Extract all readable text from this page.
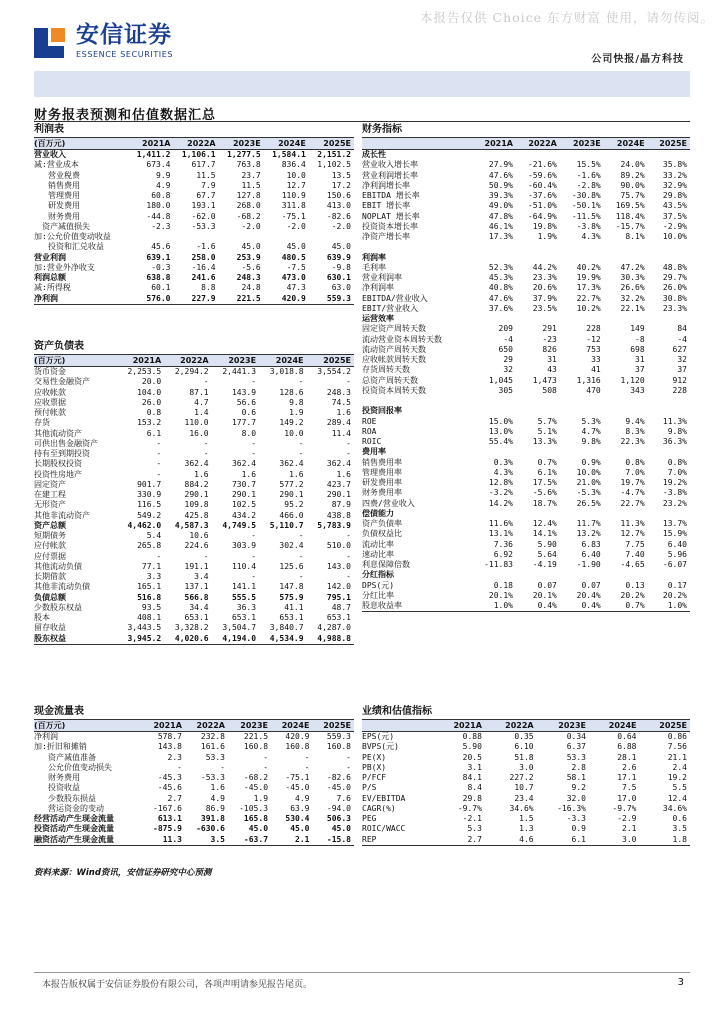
本报告仅供 Choice 东方财富 使用，请勿传阅。
安信证券
ESSENCE SECURITIES	公司快报/晶方科技
财务报表预测和估值数据汇总
利润表
(百万元)	2021A	2022A	2023E	2024E	2025E
营业收入	1,411.2	1,106.1	1,277.5	1,584.1	2,151.2
减:营业成本	673.4	617.7	763.8	836.4	1,102.5
营业税费	9.9	11.5	23.7	10.0	13.5
销售费用	4.9	7.9	11.5	12.7	17.2
管理费用	60.8	67.7	127.8	110.9	150.6
研发费用	180.0	193.1	268.0	311.8	413.0
财务费用	-44.8	-62.0	-68.2	-75.1	-82.6
资产减值损失	-2.3	-53.3	-2.0	-2.0	-2.0
加:公允价值变动收益					
投资和汇兑收益	45.6	-1.6	45.0	45.0	45.0
营业利润	639.1	258.0	253.9	480.5	639.9
加:营业外净收支	-0.3	-16.4	-5.6	-7.5	-9.8
利润总额	638.8	241.6	248.3	473.0	630.1
减:所得税	60.1	8.8	24.8	47.3	63.0
净利润	576.0	227.9	221.5	420.9	559.3
资产负债表
(百万元)	2021A	2022A	2023E	2024E	2025E
货币资金	2,253.5	2,294.2	2,441.3	3,018.8	3,554.2
交易性金融资产	20.0	-	-	-	-
应收帐款	104.0	87.1	143.9	128.6	248.3
应收票据	26.0	4.7	56.6	9.8	74.5
预付帐款	0.8	1.4	0.6	1.9	1.6
存货	153.2	110.0	177.7	149.2	289.4
其他流动资产	6.1	16.0	8.0	10.0	11.4
可供出售金融资产	-	-	-	-	-
持有至到期投资	-	-	-	-	-
长期股权投资	-	362.4	362.4	362.4	362.4
投资性房地产	-	1.6	1.6	1.6	1.6
固定资产	901.7	884.2	730.7	577.2	423.7
在建工程	330.9	290.1	290.1	290.1	290.1
无形资产	116.5	109.8	102.5	95.2	87.9
其他非流动资产	549.2	425.8	434.2	466.0	438.8
资产总额	4,462.0	4,587.3	4,749.5	5,110.7	5,783.9
短期债务	5.4	10.6	-	-	-
应付帐款	265.8	224.6	303.9	302.4	510.0
应付票据	-	-	-	-	-
其他流动负债	77.1	191.1	110.4	125.6	143.0
长期借款	3.3	3.4	-	-	-
其他非流动负债	165.1	137.1	141.1	147.8	142.0
负债总额	516.8	566.8	555.5	575.9	795.1
少数股东权益	93.5	34.4	36.3	41.1	48.7
股本	408.1	653.1	653.1	653.1	653.1
留存收益	3,443.5	3,328.2	3,504.7	3,840.7	4,287.0
股东权益	3,945.2	4,020.6	4,194.0	4,534.9	4,988.8
财务指标
	2021A	2022A	2023E	2024E	2025E
成长性					
营业收入增长率	27.9%	-21.6%	15.5%	24.0%	35.8%
营业利润增长率	47.6%	-59.6%	-1.6%	89.2%	33.2%
净利润增长率	50.9%	-60.4%	-2.8%	90.0%	32.9%
EBITDA 增长率	39.3%	-37.6%	-30.8%	75.7%	29.8%
EBIT 增长率	49.0%	-51.0%	-50.1%	169.5%	43.5%
NOPLAT 增长率	47.8%	-64.9%	-11.5%	118.4%	37.5%
投资资本增长率	46.1%	19.8%	-3.8%	-15.7%	-2.9%
净资产增长率	17.3%	1.9%	4.3%	8.1%	10.0%

利润率					
毛利率	52.3%	44.2%	40.2%	47.2%	48.8%
营业利润率	45.3%	23.3%	19.9%	30.3%	29.7%
净利润率	40.8%	20.6%	17.3%	26.6%	26.0%
EBITDA/营业收入	47.6%	37.9%	22.7%	32.2%	30.8%
EBIT/营业收入	37.6%	23.5%	10.2%	22.1%	23.3%
运营效率					
固定资产周转天数	209	291	228	149	84
流动营业资本周转天数	-4	-23	-12	-8	-4
流动资产周转天数	650	826	753	698	627
应收帐款周转天数	29	31	33	31	32
存货周转天数	32	43	41	37	37
总资产周转天数	1,045	1,473	1,316	1,120	912
投资资本周转天数	305	508	470	343	228

投资回报率					
ROE	15.0%	5.7%	5.3%	9.4%	11.3%
ROA	13.0%	5.1%	4.7%	8.3%	9.8%
ROIC	55.4%	13.3%	9.8%	22.3%	36.3%
费用率					
销售费用率	0.3%	0.7%	0.9%	0.8%	0.8%
管理费用率	4.3%	6.1%	10.0%	7.0%	7.0%
研发费用率	12.8%	17.5%	21.0%	19.7%	19.2%
财务费用率	-3.2%	-5.6%	-5.3%	-4.7%	-3.8%
四费/营业收入	14.2%	18.7%	26.5%	22.7%	23.2%
偿债能力					
资产负债率	11.6%	12.4%	11.7%	11.3%	13.7%
负债权益比	13.1%	14.1%	13.2%	12.7%	15.9%
流动比率	7.36	5.90	6.83	7.75	6.40
速动比率	6.92	5.64	6.40	7.40	5.96
利息保障倍数	-11.83	-4.19	-1.90	-4.65	-6.07
分红指标					
DPS(元)	0.18	0.07	0.07	0.13	0.17
分红比率	20.1%	20.1%	20.4%	20.2%	20.2%
股息收益率	1.0%	0.4%	0.4%	0.7%	1.0%
现金流量表
(百万元)	2021A	2022A	2023E	2024E	2025E
净利润	578.7	232.8	221.5	420.9	559.3
加:折旧和摊销	143.8	161.6	160.8	160.8	160.8
资产减值准备	2.3	53.3	-	-	-
公允价值变动损失	-	-	-	-	-
财务费用	-45.3	-53.3	-68.2	-75.1	-82.6
投资收益	-45.6	1.6	-45.0	-45.0	-45.0
少数股东损益	2.7	4.9	1.9	4.9	7.6
营运资金的变动	-167.6	86.9	-105.3	63.9	-94.0
经营活动产生现金流量	613.1	391.8	165.8	530.4	506.3
投资活动产生现金流量	-875.9	-630.6	45.0	45.0	45.0
融资活动产生现金流量	11.3	3.5	-63.7	2.1	-15.8
业绩和估值指标
	2021A	2022A	2023E	2024E	2025E
EPS(元)	0.88	0.35	0.34	0.64	0.86
BVPS(元)	5.90	6.10	6.37	6.88	7.56
PE(X)	20.5	51.8	53.3	28.1	21.1
PB(X)	3.1	3.0	2.8	2.6	2.4
P/FCF	84.1	227.2	58.1	17.1	19.2
P/S	8.4	10.7	9.2	7.5	5.5
EV/EBITDA	29.8	23.4	32.0	17.0	12.4
CAGR(%)	-9.7%	34.6%	-16.3%	-9.7%	34.6%
PEG	-2.1	1.5	-3.3	-2.9	0.6
ROIC/WACC	5.3	1.3	0.9	2.1	3.5
REP	2.7	4.6	6.1	3.0	1.8
资料来源：Wind资讯，安信证券研究中心预测
本报告版权属于安信证券股份有限公司，各项声明请参见报告尾页。	3
